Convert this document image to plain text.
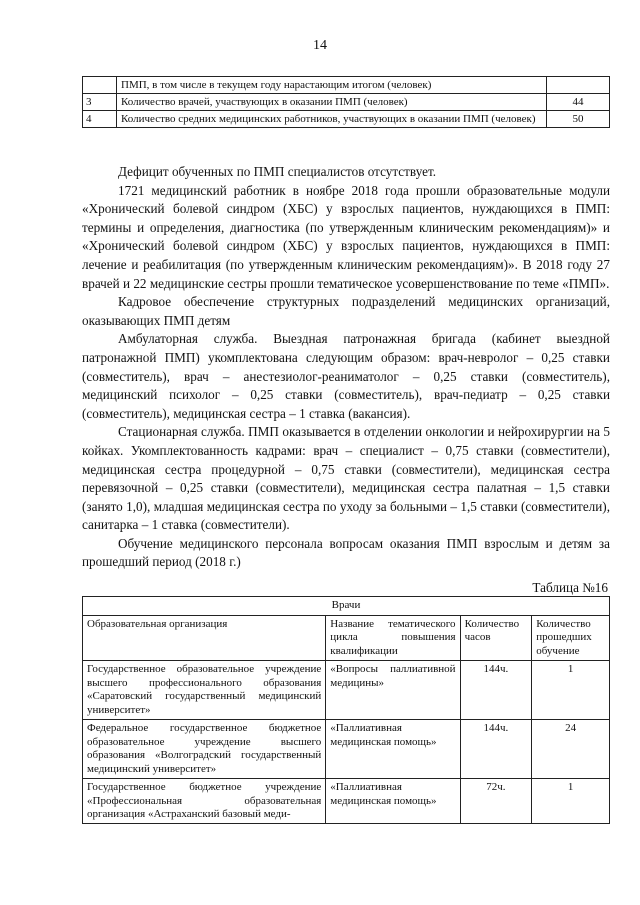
14
	ПМП, в том числе в текущем году нарастающим итогом (человек)	
3	Количество врачей, участвующих в оказании ПМП (человек)	44
4	Количество средних медицинских работников, участвующих в оказании ПМП (человек)	50

Дефицит обученных по ПМП специалистов отсутствует.

1721 медицинский работник в ноябре 2018 года прошли образовательные модули «Хронический болевой синдром (ХБС) у взрослых пациентов, нуждающихся в ПМП: термины и определения, диагностика (по утвержденным клиническим рекомендациям)» и «Хронический болевой синдром (ХБС) у взрослых пациентов, нуждающихся в ПМП: лечение и реабилитация (по утвержденным клиническим рекомендациям)». В 2018 году 27 врачей и 22 медицинские сестры прошли тематическое усовершенствование по теме «ПМП».

Кадровое обеспечение структурных подразделений медицинских организаций, оказывающих ПМП детям

Амбулаторная служба. Выездная патронажная бригада (кабинет выездной патронажной ПМП) укомплектована следующим образом: врач-невролог – 0,25 ставки (совместитель), врач – анестезиолог-реаниматолог – 0,25 ставки (совместитель), медицинский психолог – 0,25 ставки (совместитель), врач-педиатр – 0,25 ставки (совместитель), медицинская сестра – 1 ставка (вакансия).

Стационарная служба. ПМП оказывается в отделении онкологии и нейрохирургии на 5 койках. Укомплектованность кадрами: врач – специалист – 0,75 ставки (совместители), медицинская сестра процедурной – 0,75 ставки (совместители), медицинская сестра перевязочной – 0,25 ставки (совместители), медицинская сестра палатная – 1,5 ставки (занято 1,0), младшая медицинская сестра по уходу за больными – 1,5 ставки (совместители), санитарка – 1 ставка (совместители).

Обучение медицинского персонала вопросам оказания ПМП взрослым и детям за прошедший период (2018 г.)

Таблица №16
Врачи			
Образовательная организация	Название тематического цикла повышения квалификации	Количество часов	Количество прошедших обучение
Государственное образовательное учреждение высшего профессионального образования «Саратовский государственный медицинский университет»	«Вопросы паллиативной медицины»	144ч.	1
Федеральное государственное бюджетное образовательное учреждение высшего образования «Волгоградский государственный медицинский университет»	«Паллиативная медицинская помощь»	144ч.	24

Государственное бюджетное учреждение «Профессиональная образовательная организация «Астраханский базовый меди-	«Паллиативная медицинская помощь»	72ч.	1
